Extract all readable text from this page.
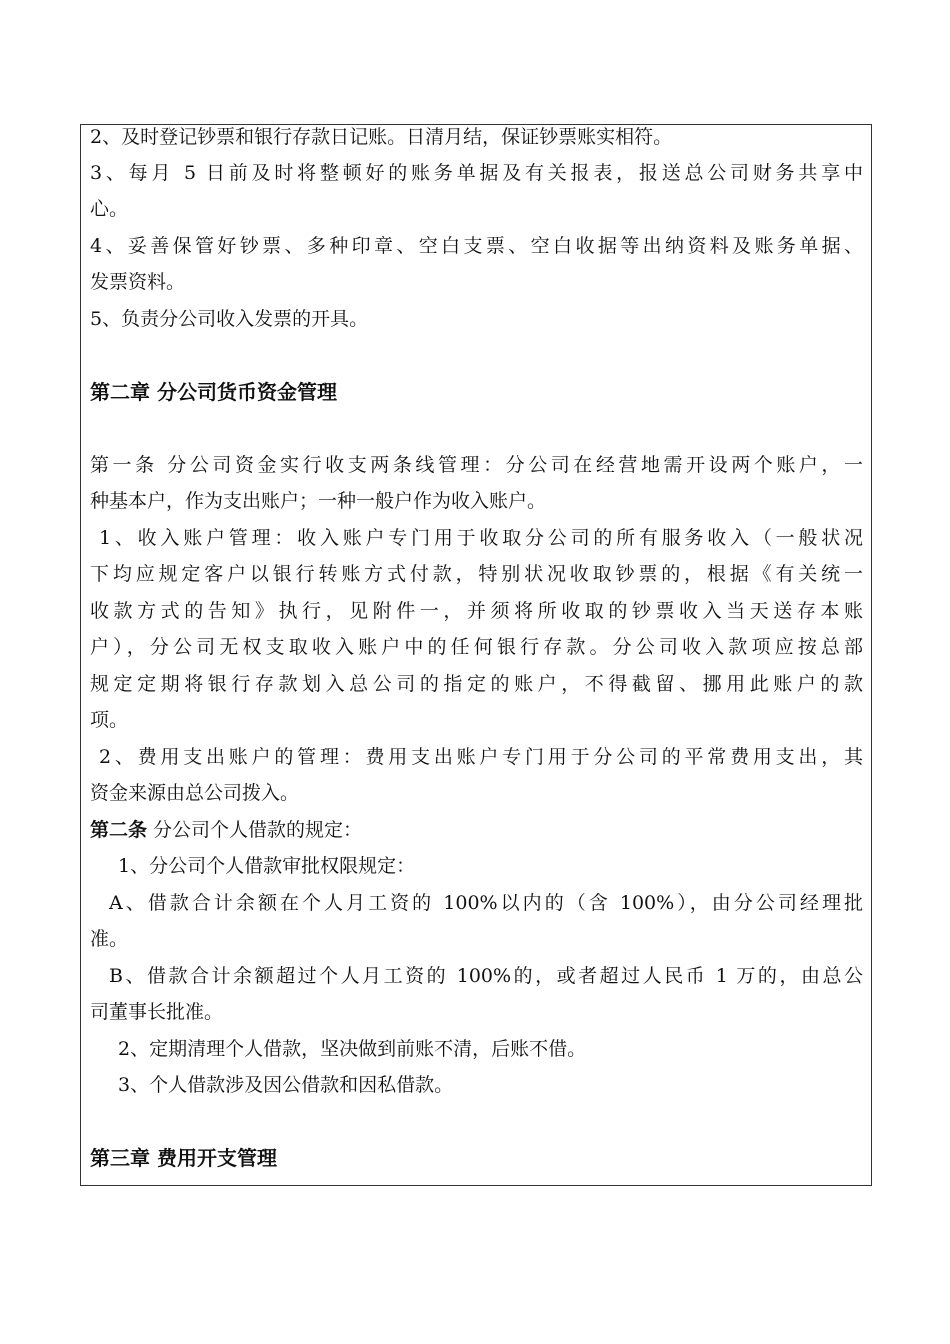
2、及时登记钞票和银行存款日记账。日清月结，保证钞票账实相符。
3、每月 5 日前及时将整顿好的账务单据及有关报表，报送总公司财务共享中
心。
4、妥善保管好钞票、多种印章、空白支票、空白收据等出纳资料及账务单据、
发票资料。
5、负责分公司收入发票的开具。
第二章 分公司货币资金管理
第一条 分公司资金实行收支两条线管理：分公司在经营地需开设两个账户，一
种基本户，作为支出账户；一种一般户作为收入账户。
1、收入账户管理：收入账户专门用于收取分公司的所有服务收入（一般状况
下均应规定客户以银行转账方式付款，特别状况收取钞票的，根据《有关统一
收款方式的告知》执行，见附件一，并须将所收取的钞票收入当天送存本账
户），分公司无权支取收入账户中的任何银行存款。分公司收入款项应按总部
规定定期将银行存款划入总公司的指定的账户，不得截留、挪用此账户的款
项。
2、费用支出账户的管理：费用支出账户专门用于分公司的平常费用支出，其
资金来源由总公司拨入。
第二条 分公司个人借款的规定：
1、分公司个人借款审批权限规定：
A、借款合计余额在个人月工资的 100%以内的（含 100%），由分公司经理批
准。
B、借款合计余额超过个人月工资的 100%的，或者超过人民币 1 万的，由总公
司董事长批准。
2、定期清理个人借款，坚决做到前账不清，后账不借。
3、个人借款涉及因公借款和因私借款。
第三章 费用开支管理
